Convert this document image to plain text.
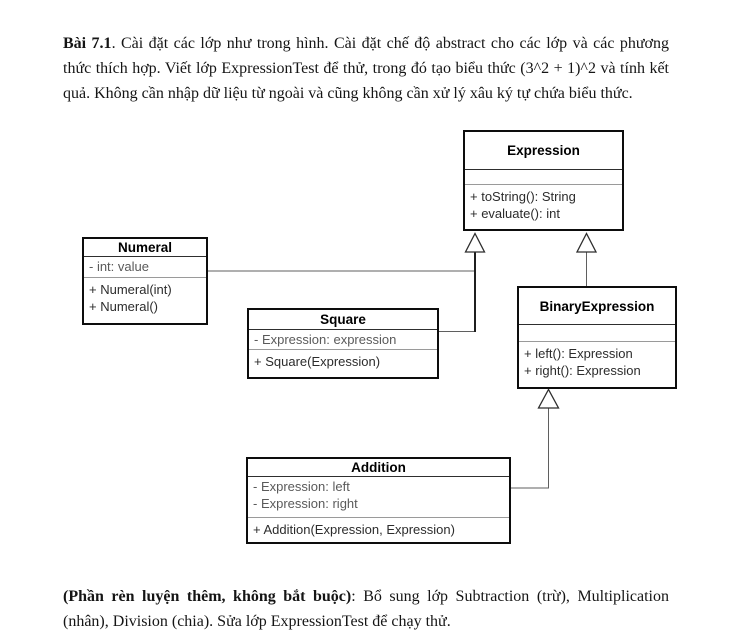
Bài 7.1. Cài đặt các lớp như trong hình. Cài đặt chế độ abstract cho các lớp và các phương thức thích hợp. Viết lớp ExpressionTest để thử, trong đó tạo biểu thức (3^2 + 1)^2 và tính kết quả. Không cần nhập dữ liệu từ ngoài và cũng không cần xử lý xâu ký tự chứa biểu thức.

Expression
+ toString(): String
+ evaluate(): int
Numeral
- int: value
+ Numeral(int)
+ Numeral()
Square
- Expression: expression
+ Square(Expression)
BinaryExpression
+ left(): Expression
+ right(): Expression
Addition
- Expression: left
- Expression: right
+ Addition(Expression, Expression)

(Phần rèn luyện thêm, không bắt buộc): Bổ sung lớp Subtraction (trừ), Multiplication (nhân), Division (chia). Sửa lớp ExpressionTest để chạy thử.
